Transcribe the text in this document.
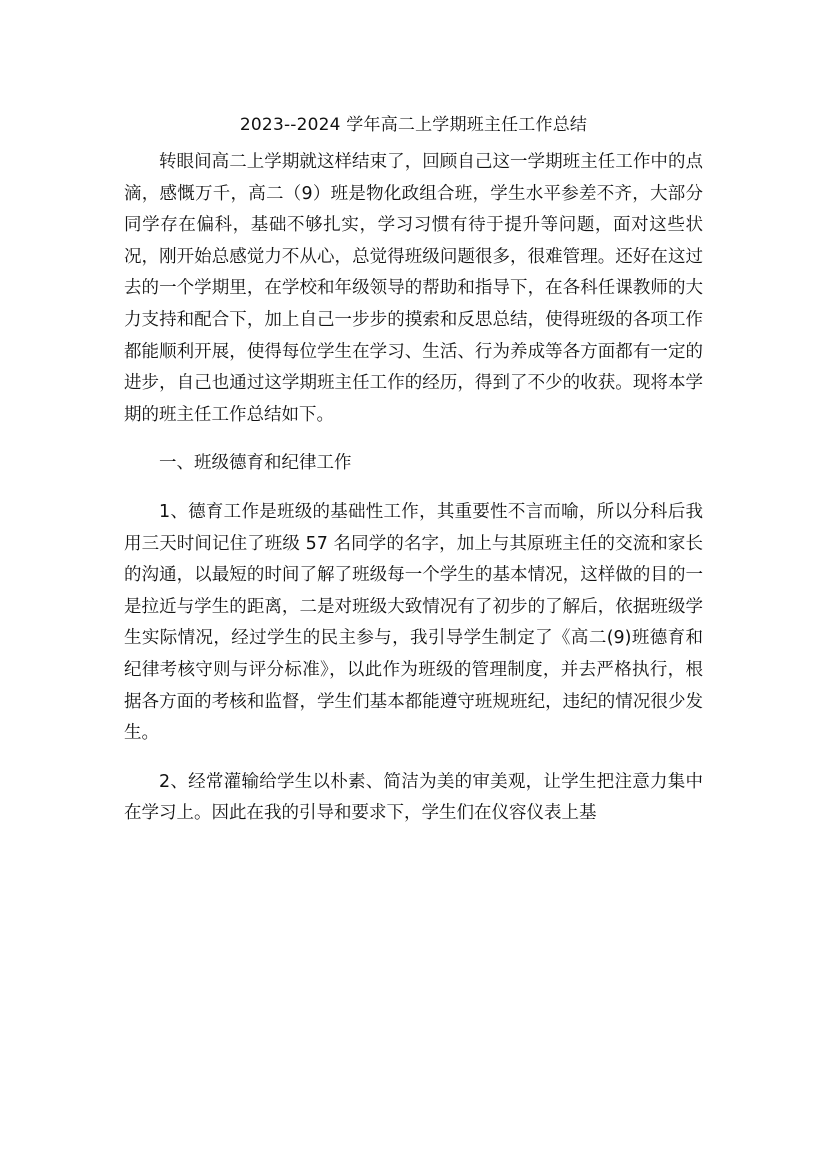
2023--2024 学年高二上学期班主任工作总结

转眼间高二上学期就这样结束了，回顾自己这一学期班主任工作中的点滴，感慨万千，高二（9）班是物化政组合班，学生水平参差不齐，大部分同学存在偏科，基础不够扎实，学习习惯有待于提升等问题，面对这些状况，刚开始总感觉力不从心，总觉得班级问题很多，很难管理。还好在这过去的一个学期里，在学校和年级领导的帮助和指导下，在各科任课教师的大力支持和配合下，加上自己一步步的摸索和反思总结，使得班级的各项工作都能顺利开展，使得每位学生在学习、生活、行为养成等各方面都有一定的进步，自己也通过这学期班主任工作的经历，得到了不少的收获。现将本学期的班主任工作总结如下。

一、班级德育和纪律工作

1、德育工作是班级的基础性工作，其重要性不言而喻，所以分科后我用三天时间记住了班级 57 名同学的名字，加上与其原班主任的交流和家长的沟通，以最短的时间了解了班级每一个学生的基本情况，这样做的目的一是拉近与学生的距离，二是对班级大致情况有了初步的了解后，依据班级学生实际情况，经过学生的民主参与，我引导学生制定了《高二(9)班德育和纪律考核守则与评分标准》，以此作为班级的管理制度，并去严格执行，根据各方面的考核和监督，学生们基本都能遵守班规班纪，违纪的情况很少发生。

2、经常灌输给学生以朴素、简洁为美的审美观，让学生把注意力集中在学习上。因此在我的引导和要求下，学生们在仪容仪表上基
